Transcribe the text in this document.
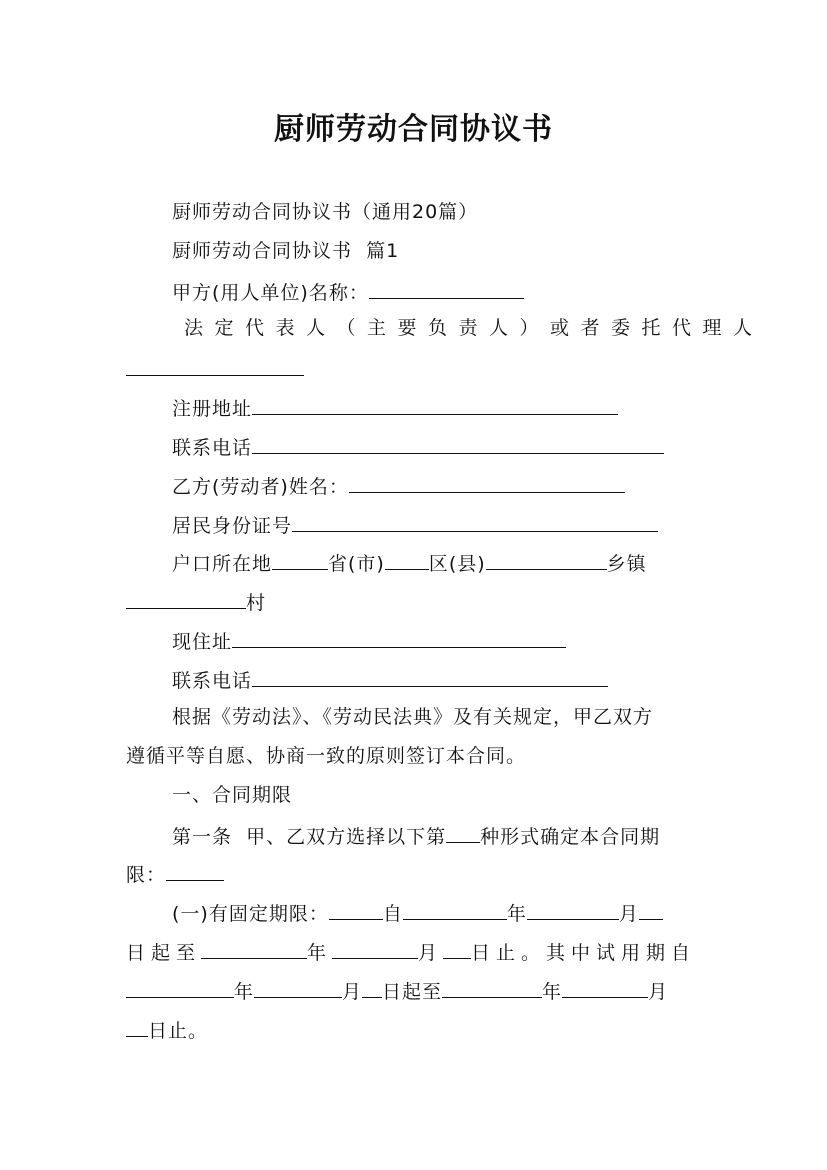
厨师劳动合同协议书
厨师劳动合同协议书（通用20篇）
厨师劳动合同协议书  篇1
甲方(用人单位)名称：
法定代表人（主要负责人）或者委托代理人
注册地址
联系电话
乙方(劳动者)姓名：
居民身份证号
户口所在地	省(市) 区(县)	乡镇
村
现住址
联系电话
根据《劳动法》、《劳动民法典》及有关规定，甲乙双方
遵循平等自愿、协商一致的原则签订本合同。
一、合同期限
第一条  甲、乙双方选择以下第 种形式确定本合同期
限：
(一)有固定期限：	自	年	月
日起至	年	月 日止。其中试用期自
年	月 日起至	年	月
日止。
